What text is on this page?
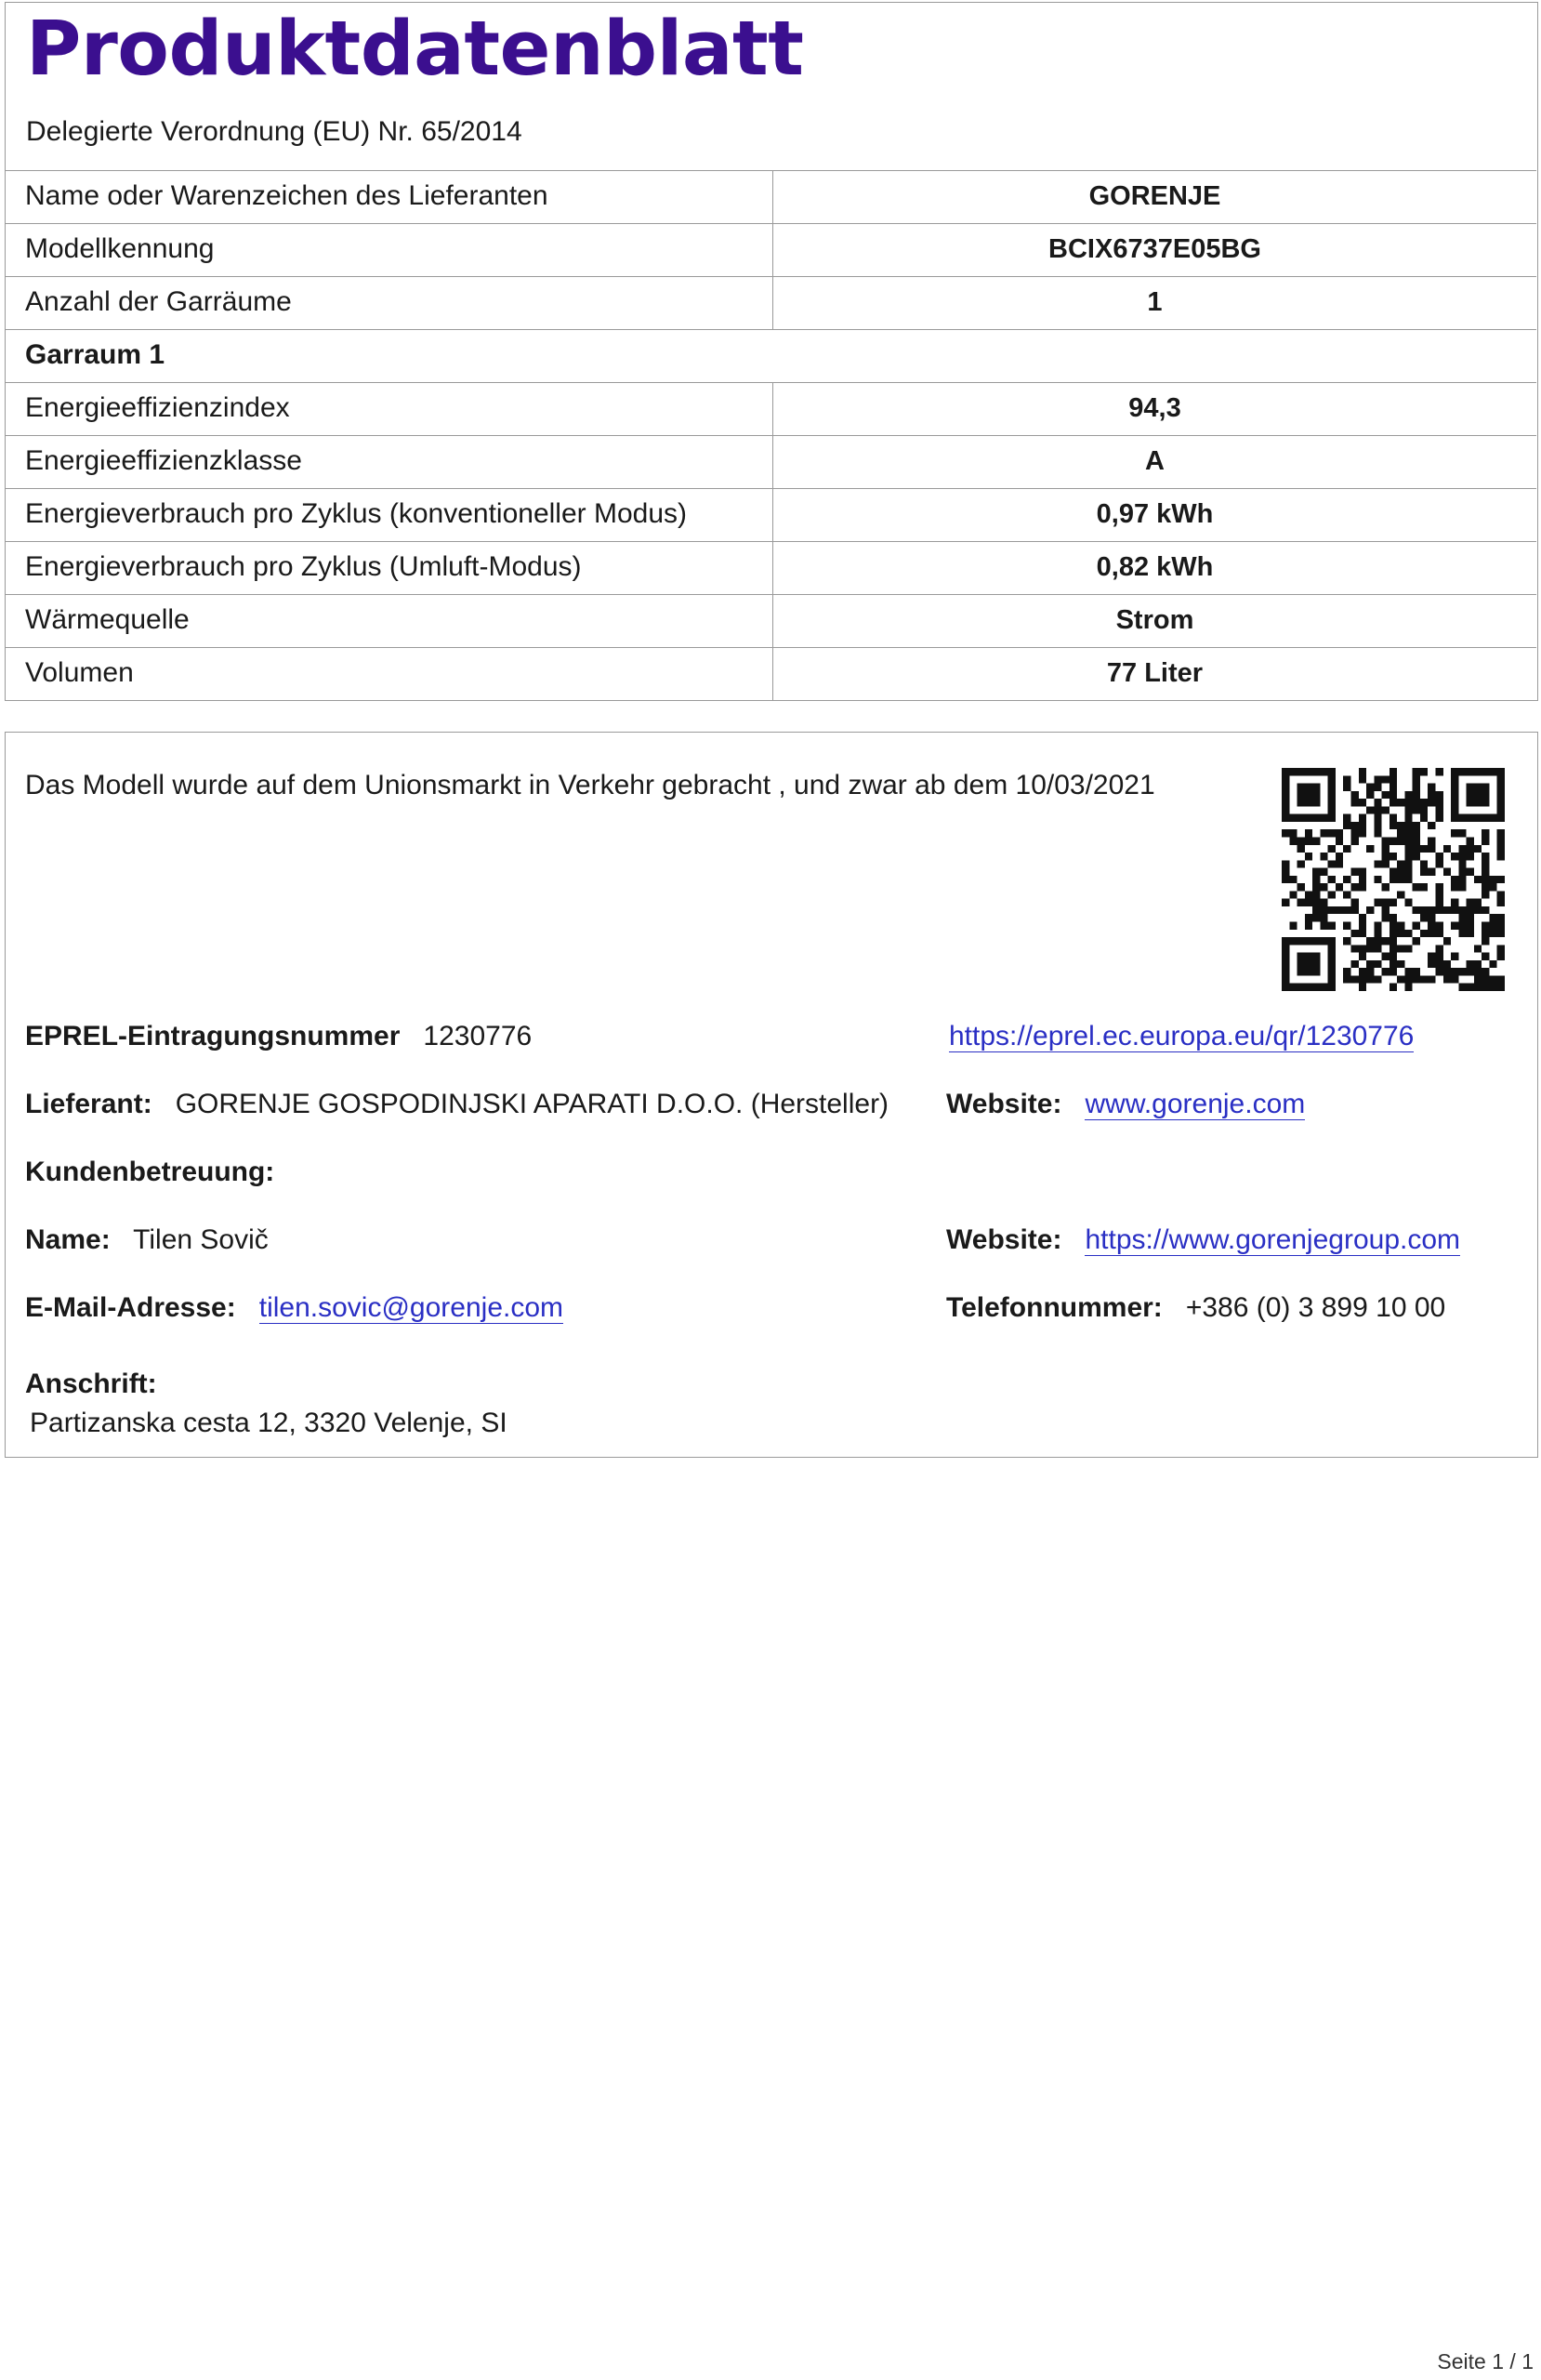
Produktdatenblatt
Delegierte Verordnung (EU) Nr. 65/2014
Name oder Warenzeichen des Lieferanten	GORENJE
Modellkennung	BCIX6737E05BG
Anzahl der Garräume	1
Garraum 1
Energieeffizienzindex	94,3
Energieeffizienzklasse	A
Energieverbrauch pro Zyklus (konventioneller Modus)	0,97 kWh
Energieverbrauch pro Zyklus (Umluft-Modus)	0,82 kWh
Wärmequelle	Strom
Volumen	77 Liter
Das Modell wurde auf dem Unionsmarkt in Verkehr gebracht , und zwar ab dem 10/03/2021
EPREL-Eintragungsnummer 1230776	https://eprel.ec.europa.eu/qr/1230776
Lieferant: GORENJE GOSPODINJSKI APARATI D.O.O. (Hersteller) Website: www.gorenje.com
Kundenbetreuung:
Name: Tilen Sovič	Website: https://www.gorenjegroup.com
E-Mail-Adresse: tilen.sovic@gorenje.com	Telefonnummer: +386 (0) 3 899 10 00
Anschrift:
Partizanska cesta 12, 3320 Velenje, SI
Seite 1 / 1
